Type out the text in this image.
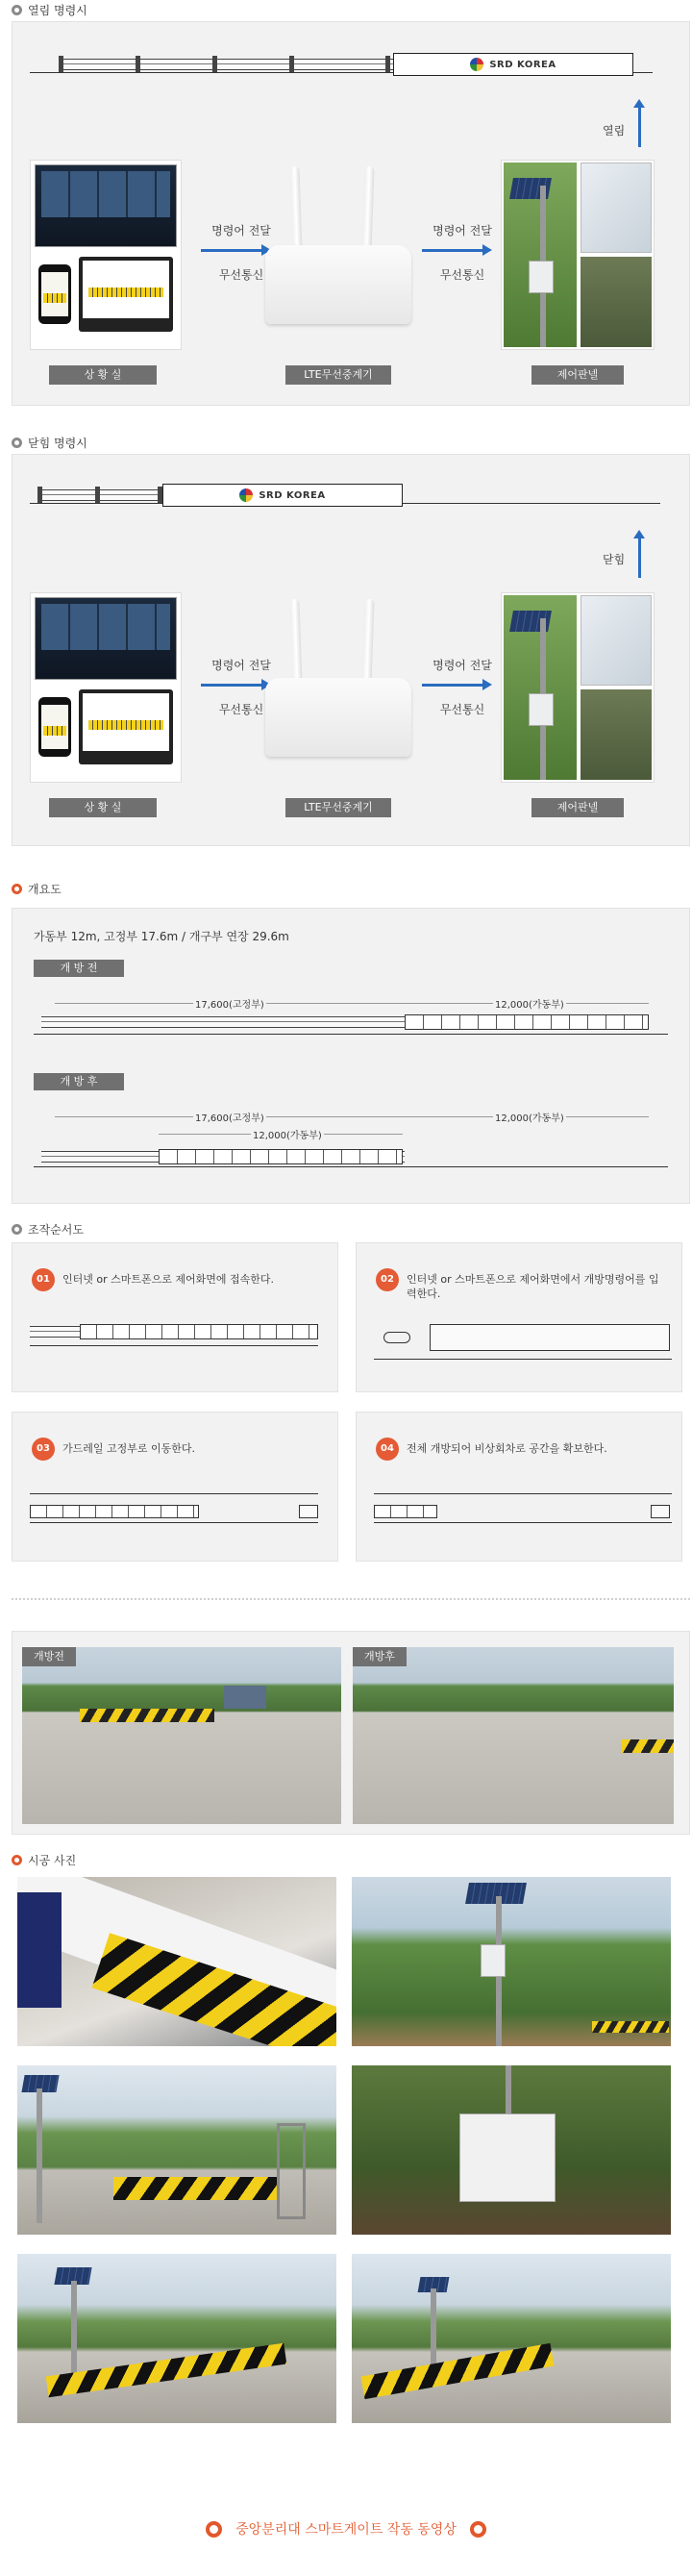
열림 명령시
SRD KOREA
열림
상 황 실
명령어 전달
무선통신
LTE무선중계기
명령어 전달
무선통신
제어판넬
닫힘 명령시
SRD KOREA
닫힘
상 황 실
명령어 전달
무선통신
LTE무선중계기
명령어 전달
무선통신
제어판넬
개요도
가동부 12m, 고정부 17.6m / 개구부 연장 29.6m
개 방 전
17,600(고정부)	12,000(가동부)
개 방 후
17,600(고정부)	12,000(가동부)
12,000(가동부)
조작순서도
01	인터넷 or 스마트폰으로 제어화면에 접속한다.	02	인터넷 or 스마트폰으로 제어화면에서 개방명령어를 입력한다.
03	가드레일 고정부로 이동한다.	04	전체 개방되어 비상회차로 공간을 확보한다.
개방전	개방후
시공 사진
중앙분리대 스마트게이트 작동 동영상
